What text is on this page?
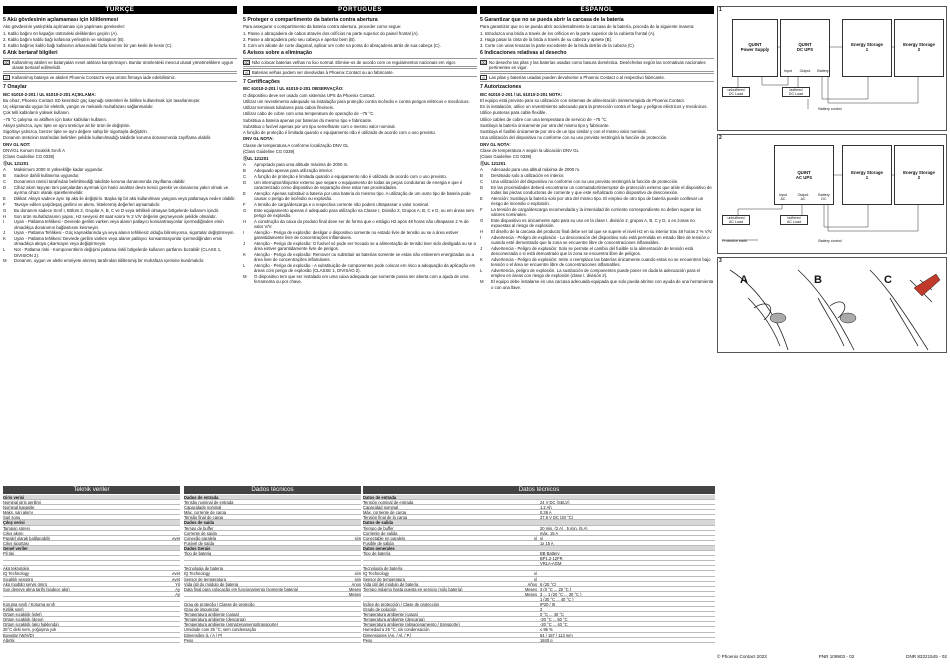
TÜRKÇE
5 Akü gövdesinin açılamaması için kilitlenmesi

Akü gövdesinin yanlışlıkla açılmaması için yapılması gerekenler:

1. Kablo bağını ön kapağın üstündeki deliklerden geçirin (A).

2. Kablo bağını kablo bağı kafasına yerleştirin ve sıkılaştırın (B).

3. Kablo bağının kablo bağı kafasının arkasındaki fazla kısmını bir yan keski ile kesin (C).

6 Atık bertaraf bilgileri
⌧ Kullanılmış aküleri ve bataryaları evsel atıklara karıştırmayın. Bunlar ürünlerdeki mevcut ulusal yönetmeliklere uygun olarak bertaraf edilmelidir.
↺ Kullanılmış batarya ve aküleri Phoenix Contact'a veya ürünü firmaya iade edebilirsiniz.
7 Onaylar

IEC 61010-2-201 / UL 61010-2-201 AÇIKLAMA:

Bu cihaz, Phoenix Contact SD kesintisiz güç kaynağı sistemleri ile birlikte kullanılmak için tasarlanmıştır.

Uç ekipmanda uygun bir elektrik, yangın ve mekanik muhafazası sağlanmalıdır.

Çok telli kabloların yüksek kullanın.

−75 °C çalışma ısı aktifken için bakır kabloları kullanın.

Aküyü yalnızca, aynı tipte ve aynı üreticiye ait bir ürün ile değiştirin.

Sigortayı yalnızca, benzer tipte ve aynı değere sahip bir sigortayla değiştirin.

Donanım üreticinin tarafından belirtilen şekilde kullanılmadığı takdirde koruma donanımında zayıflama olabilir.

DNV GL NOT:

DNV/GL Konum Sıcaklık Sınıfı A

(Class Guideline CG 0339)

Ⓢ UL 121201

A	Maksimum 2000 m yüksekliğe kadar uygundur.
B	Sadece dahili kullanıma uygundur.
C	Donanımın üretici tarafından belirtilmediği takdirde koruma donanımında zayıflama olabilir.
D	Cihaz akım taşıyan tüm parçalardan ayırmak için harici anahtar devre kesici gerekir ve donanıma yakın olmalı ve ayırma cihazı olarak işaretlenmelidir.
E	Dikkat: Aküyü sadece aynı tip akü ile değiştirin. Başka tip bir akü kullanılması yangına veya patlamaya neden olabilir.
F	Tavsiye edilen şarj/deşarj gerilimi ve akımı, listelenmiş değerleri aşmamalıdır.
G	Bu donanım sadece Sınıf I, Bölüm 2, Gruplar A, B, C ve D veya tehlikeli olmayan bölgelerde kullanım içindir.
H	Son ürün muhafazasının yapısı, H2 seviyesi 48 saat sonra % 2 V/V değerini geçmeyecek şekilde olmalıdır.
I	Uyarı - Patlama tehlikesi - Devrede gerilim varken veya alanın patlayıcı konsantrasyonlar içermediğinden emin olmadıkça donanımın bağlantısını kesmeyin.
J	Uyarı - Patlama Tehlikesi - Güç kaynaklarında ya veya alanın tehlikesiz olduğu bilinmiyorsa, sigortalar değiştirmeyin.
K	Uyarı - Patlama tehlikesi: Devrede gerilim varken veya alanın patlayıcı konsantrasyonlar içermediğinden emin olmadıkça aküyü çıkarmayın veya değiştirmeyin.
L	Not - Patlama riski - Komponentlerin değişimi patlama riskli bölgelerde kullanım şartlarını bozabilir (CLASS 1, DIVISION 2).
M	Donanım, uygun ve aletle emniyete alınmış tarafından kilitlenmiş bir muhafaza içerisine kurulmalıdır.
PORTUGUÊS
5 Proteger o compartimento da bateria contra abertura

Para assegurar o compartimento da bateria contra abertura, proceder como segue:

1. Passe o abraçadeira de cabos através dos orifícios na parte superior do painel frontal (A).

2. Passe a abraçadeira pelo seu cabeça e apertar bem (B).

3. Com um alicate de corte diagonal, aplicar um corte na ponta do abraçadeira atrás de sua cabeça (C).

6 Avisos sobre a eliminação
⌧ Não colocar baterias velhas no lixo normal. Elimine-os de acordo com os regulamentos nacionais em vigor.
↺ Baterias velhas podem ser devolvidas à Phoenix Contact ou ao fabricante.
7 Certificações

IEC 61010-2-201 / UL 61010-2-201 OBSERVAÇÃO:

O dispositivo deve ser usado com sistemas UPS da Phoenix Contact.

Utilizar um revestimento adequado na instalação para proteção contra incêndio e contra perigos elétricos e mecânicos.

Utilizar terminais tubulares para cabos flexíveis.

Utilizar cabo de cobre com uma temperatura de operação de −75 °C.

Substitua a bateria apenas por baterias do mesmo tipo e fabricante.

Substitua o fusível apenas por um tipo semelhante com o mesmo valor nominal.

A função de proteção é limitada quando o equipamento não é utilizado de acordo com o uso previsto.

DNV GL NOTA:

Classe de temperatura A conforme localização DNV GL

(Class Guideline CG 0339)

Ⓢ UL 121201

A	Apropriado para uma altitude máxima de 2000 m.
B	Adequado apenas para utilização interior.
C	A função de proteção é limitada quando o equipamento não é utilizado de acordo com o uso previsto.
D	Um interruptor/disjuntor externo que separe o equipamento de todas as peças condutoras de energia e que é caracterizado como dispositivo de separação deve estar nas proximidades.
E	Atenção: Apenas substituir a bateria por uma bateria do mesmo tipo. A utilização de um outro tipo de bateria pode causar o perigo de incêndio ou explosão.
F	A tensão de carga/descarga e a respectiva corrente não podem ultrapassar o valor nominal.
G	Este equipamento apenas é adequado para utilização na Classe I, Divisão 2, Grupos A, B, C e D, ou em áreas sem perigo de explosão.
H	A construção da caixa do produto final deve ser de forma que o estágio H2 após 48 horas não ultrapasse 2 % de valor V/V.
I	Atenção - Perigo de explosão: desligar o dispositivo somente no estado livre de tensão ou se a área estiver garantidamente livre de concentrações inflamáveis.
J	Atenção - Perigo de explosão: O fusível só pode ser trocado se a alimentação de tensão tiver sido desligada ou se a área estiver garantidamente livre de perigos.
K	Atenção - Perigo de explosão: Remover ou substituir as baterias somente se estas não estiverem energizadas ou a área livre de concentrações inflamáveis.
L	Atenção - Perigo de explosão - A substituição de componentes pode colocar em risco a adequação da aplicação em áreas com perigo de explosão (CLASSE 1, DIVISÃO 2).
M	O dispositivo tem que ser instalado em uma caixa adequada que somente possa ser aberta com a ajuda de uma ferramenta ou por chave.
ESPAÑOL
5 Garantizar que no se pueda abrir la carcasa de la batería

Para garantizar que no se pueda abrir accidentalmente la carcasa de la batería, proceda de la siguiente manera:

1. Introduzca una brida a través de los orificios en la parte superior de la cubierta frontal (A).

2. Haga pasar la cinta de la brida a través de su cabeza y apriete (B).

3. Corte con unas tenazas la parte excedente de la brida detrás de la cabeza (C).

6 Indicaciones relativas al desecho
⌧ No deseche las pilas y las baterías usadas como basura doméstica. Deséchelas según las normativas nacionales pertinentes en vigor.
↺ Las pilas y baterías usadas pueden devolverse a Phoenix Contact o al respectivo fabricante.
7 Autorizaciones

IEC 61010-2-201 / UL 61010-2-201 NOTA:

El equipo está previsto para su utilización con sistemas de alimentación ininterrumpida de Phoenix Contact.

En la instalación, utilice un revestimiento adecuado para la protección contra el fuego y peligros eléctricos y mecánicos.

Utilice punteras para cable flexible.

Utilice cables de cobre con una temperatura de servicio de −75 °C.

Sustituya la batería únicamente por otra del mismo tipo y fabricante.

Sustituya el fusible únicamente por otro de un tipo similar y con el mismo valor nominal.

Una utilización del dispositivo no conforme con su uso previsto restringirá la función de protección.

DNV GL NOTA:

Clase de temperatura A según la ubicación DNV GL

(Class Guideline CG 0339)

Ⓢ UL 121201

A	Adecuado para una altitud máxima de 2000 m.
B	Destinado solo a utilización en interior.
C	Una utilización del dispositivo no conforme con su uso previsto restringirá la función de protección.
D	En las proximidades deberá encontrarse un conmutador/interruptor de protección externo que aísle el dispositivo de todas las piezas conductoras de corriente y que esté señalizado como dispositivo de desconexión.
E	Atención: Sustituya la batería solo por otra del mismo tipo. El empleo de otro tipo de batería puede conllevar un riesgo de incendio o explosión.
F	La tensión de carga/descarga recomendada y la intensidad de corriente correspondiente no deben superar los valores nominales.
G	Este dispositivo es únicamente apto para su uso en la clase I, división 2, grupos A, B, C y D, o en zonas no expuestas al riesgo de explosión.
H	El diseño de la carcasa del producto final debe ser tal que se supere el nivel H2 en su interior tras 48 horas 2 % V/V.
I	Advertencia - Peligro de explosión - La desconexión del dispositivo solo está permitida en estado libre de tensión o cuando esté demostrado que la zona se encuentre libre de concentraciones inflamables.
J	Advertencia - Peligro de explosión: Solo se permite el cambio del fusible si la alimentación de tensión está desconectada o si está demostrado que la zona se encuentra libre de peligros.
K	Advertencia - Peligro de explosión: retire o reemplace las baterías únicamente cuando estas no se encuentren bajo tensión o el área se encuentre libre de concentraciones inflamables.
L	Advertencia, peligro de explosión. La sustitución de componentes puede poner en duda la adecuación para el empleo en áreas con riesgo de explosión (clase I, división 2).
M	El equipo debe instalarse en una carcasa adecuada equipada que solo pueda abrirse con ayuda de una herramienta o con una llave.
1
QUINT
Power Supply
QUINT
DC UPS
Energy Storage
1
Energy Storage
2
Input	Output	Battery
unbuffered
DC Load
buffered
DC Load
Battery control
2
QUINT
AC UPS
Energy Storage
1
Energy Storage
2
Input
AC
Output
AC
Battery
DC
unbuffered
AC Load
buffered
AC Load
Protective earth	Battery control
3
A	B	C
Teknik veriler
Giriş verisi
Nominal giriş gerilimi
Nominal kapasite
Maks. şarj akımı
Şarj sonu
Çıkış verisi
Tampon süresi
Çıkış akımı
Paralel olarak bağlanabilir	evet
Çıkış sigortası
Genel veriler
Pil tipi
Akü teknolojisi
IQ Technology	evet
Sıcaklık sensörü	evet
Akü modülü servis ömrü	Yıl
Son deneye alma tarihi (sadece akü)	Ay
Ay
Koruma sınıfı / Koruma sınıfı
Kirlilik sınıfı
Ortam sıcaklığı (işlet)
Ortam sıcaklığı (depo)
Ortam sıcaklığı (akü hakkında)
25°C deki nem, yoğuşma yok
Boyutlar (W/H/D)
Ağırlık
Dados técnicos
Dados de entrada
Tensão nominal de entrada
Capacidade nominal
Máx. corrente de carga
Tensão final de carga
Dados de saída
Tempo de buffer
Corrente de saída
Conexão paralela	sim
Fusível de saída
Dados Gerais
Tipo de bateria
Tecnologia de bateria
IQ Technology	sim
Sensor de temperatura	sim
Vida útil do módulo de bateria	Anos
Data final para colocação em funcionamento (somente bateria)	Meses
Meses
Grau de proteção / Classe de proteção
Grau de impurezas
Temperatura ambiente (carga)
Temperatura ambiente (descarga)
Temperatura ambiente (armazenamento/transporte)
Umidade com 25 °C, sem condensação
Dimensões (L / A / P)
Peso
Datos técnicos
Datos de entrada
Tensión nominal de entrada	24 V DC (SELV)
Capacidad nominal	1,2 Ah
Máx. corriente de carga	0,36 A
Tensión final de la carga	27,6 V DC (20 °C)
Datos de salida
Tiempo de buffer	20 min. (2 A) , 5 min. (5 A)
Corriente de salida	máx. 15 A
Conectable en paralelo	sí sí
Fusible de salida	1x 15 A
Datos generales
Tipo de batería	BB Battery
BP1.2-12FR
VRLA-AGM
Tecnología de batería
IQ Technology	sí
Sensor de temperatura	sí
Vida útil del módulo de batería	Años 6 (20 °C)
Tiempo máximo hasta puesta en servicio (sólo batería)	Meses 3 (0 °C ... 20 °C )
Meses 3 ... 1 (20 °C ... 30 °C )
1 (30 °C ... 40 °C )
Índice de protección / Clase de protección	IP20 / III
Grado de polución	2
Temperatura ambiente (carga)	0 °C ... 40 °C
Temperatura ambiente (descarga)	-20 °C ... 50 °C
Temperatura ambiente (almacenamiento / transporte)	-20 °C ... 40 °C
Humedad a 25 °C, sin condensación	≤ 95 %
Dimensiones (An. / Al. / P.)	54 / 157 / 113 mm
Peso	1840 g
© Phoenix Contact 2023	PNR 109903 - 02	DNR 83221545 - 02
